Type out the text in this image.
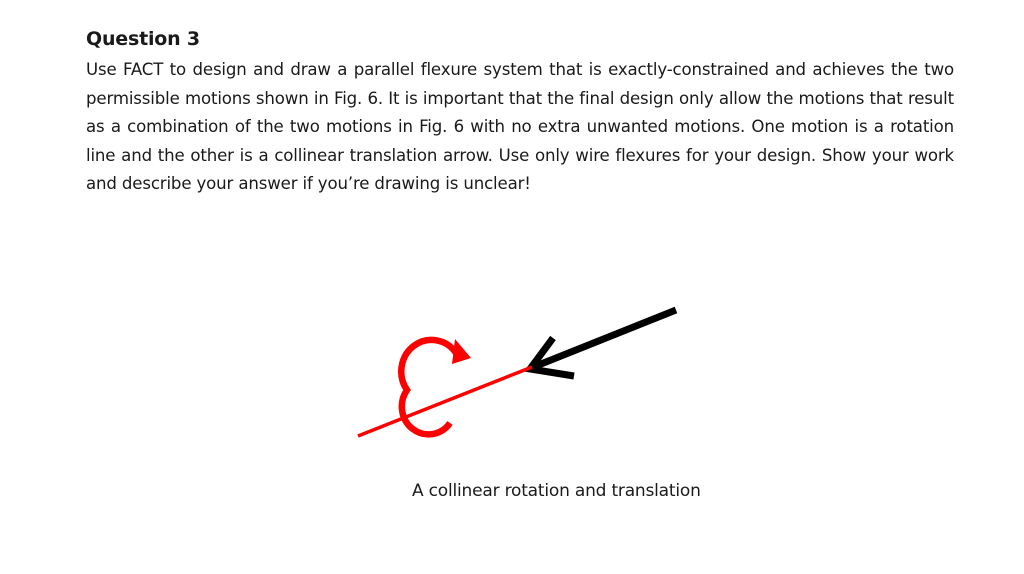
Question 3
Use FACT to design and draw a parallel flexure system that is exactly-constrained and achieves the two permissible motions shown in Fig. 6. It is important that the final design only allow the motions that result as a combination of the two motions in Fig. 6 with no extra unwanted motions. One motion is a rotation line and the other is a collinear translation arrow. Use only wire flexures for your design. Show your work and describe your answer if you’re drawing is unclear!
A collinear rotation and translation
